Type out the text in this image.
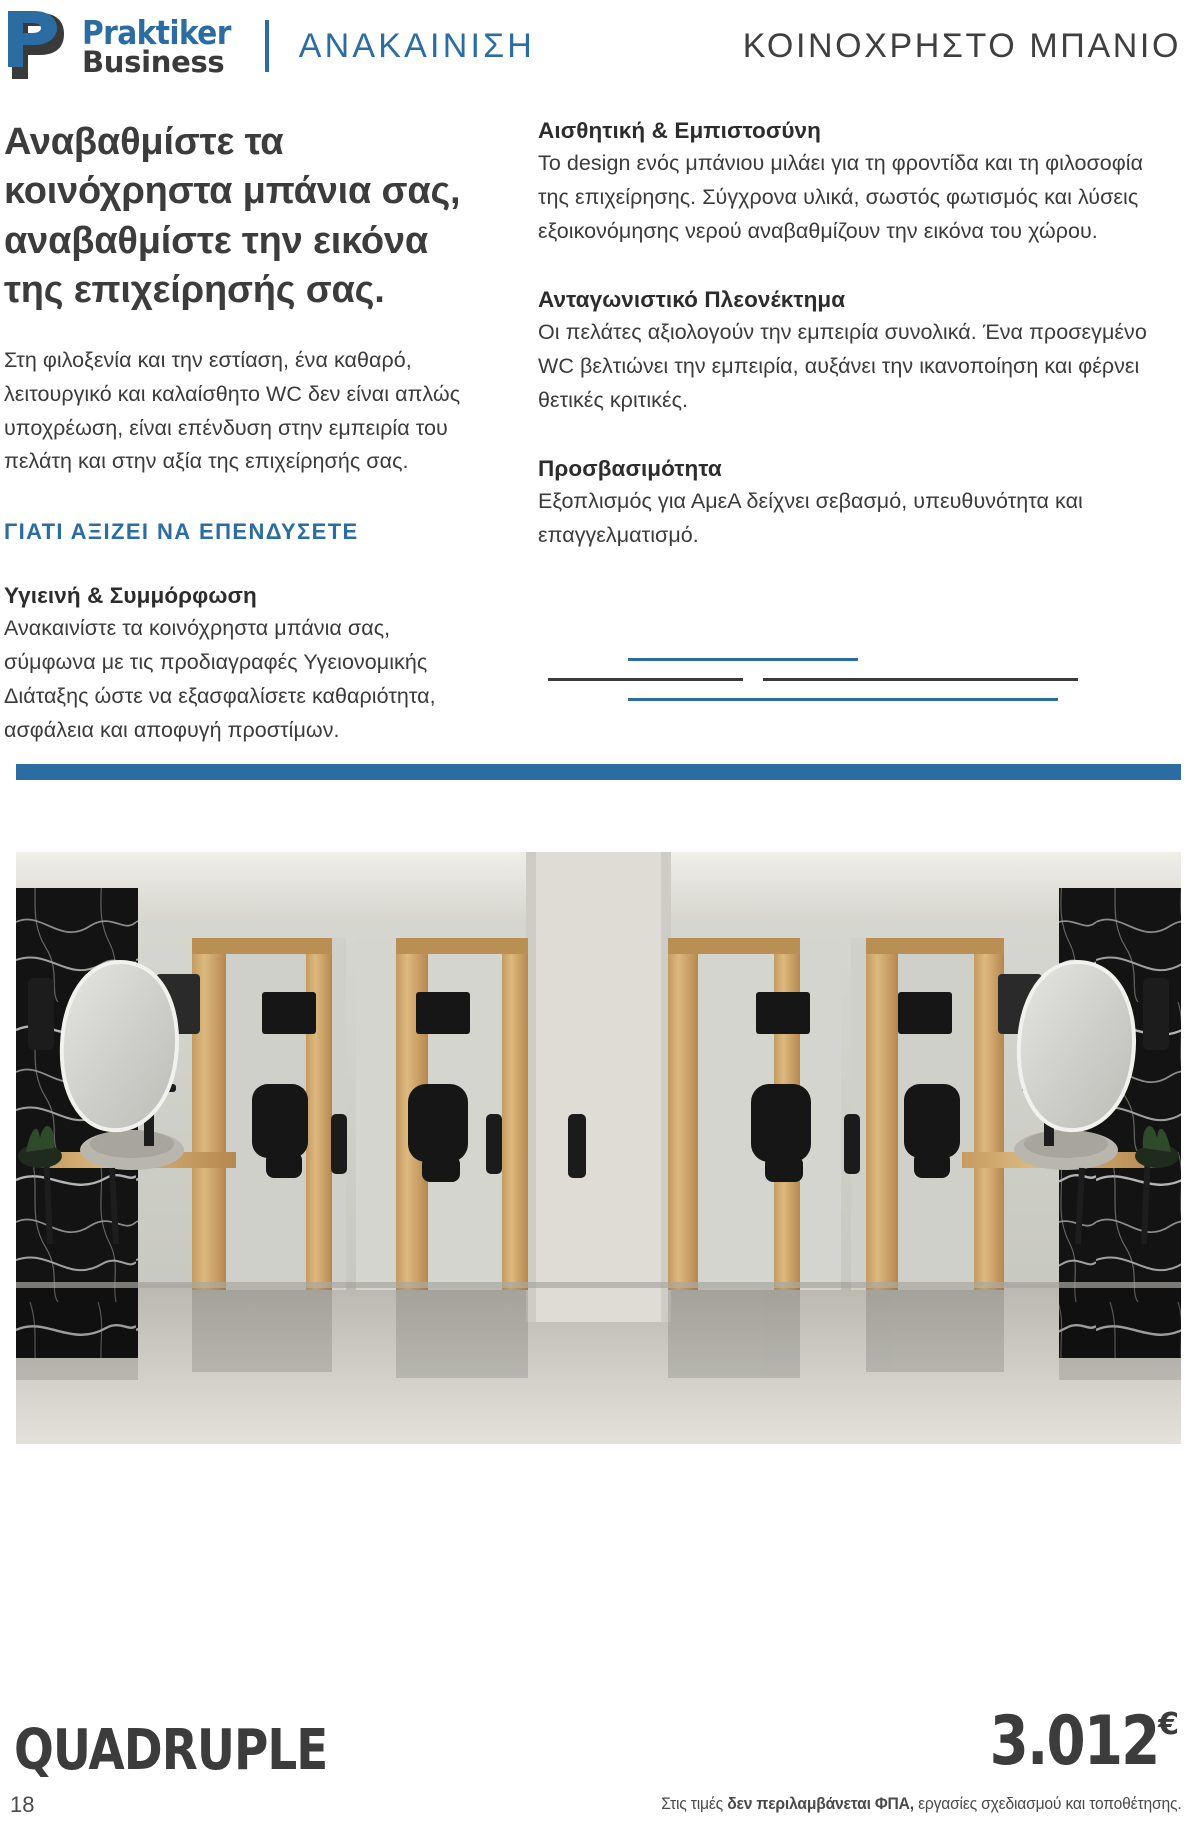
Praktiker
Business ΑΝΑΚΑΙΝΙΣΗ	ΚΟΙΝΟΧΡΗΣΤΟ ΜΠΑΝΙΟ
Αναβαθμίστε τα κοινόχρηστα μπάνια σας, αναβαθμίστε την εικόνα της επιχείρησής σας.
Στη φιλοξενία και την εστίαση, ένα καθαρό, λειτουργικό και καλαίσθητο WC δεν είναι απλώς υποχρέωση, είναι επένδυση στην εμπειρία του πελάτη και στην αξία της επιχείρησής σας.
ΓΙΑΤΙ ΑΞΙΖΕΙ ΝΑ ΕΠΕΝΔΥΣΕΤΕ
Υγιεινή & Συμμόρφωση
Ανακαινίστε τα κοινόχρηστα μπάνια σας, σύμφωνα με τις προδιαγραφές Υγειονομικής Διάταξης ώστε να εξασφαλίσετε καθαριότητα, ασφάλεια και αποφυγή προστίμων.
Αισθητική & Εμπιστοσύνη
Το design ενός μπάνιου μιλάει για τη φροντίδα και τη φιλοσοφία της επιχείρησης. Σύγχρονα υλικά, σωστός φωτισμός και λύσεις εξοικονόμησης νερού αναβαθμίζουν την εικόνα του χώρου.
Ανταγωνιστικό Πλεονέκτημα
Οι πελάτες αξιολογούν την εμπειρία συνολικά. Ένα προσεγμένο WC βελτιώνει την εμπειρία, αυξάνει την ικανοποίηση και φέρνει θετικές κριτικές.
Προσβασιμότητα
Εξοπλισμός για ΑμεΑ δείχνει σεβασμό, υπευθυνότητα και επαγγελματισμό.
QUADRUPLE	3.012 €
18	Στις τιμές δεν περιλαμβάνεται ΦΠΑ, εργασίες σχεδιασμού και τοποθέτησης.
